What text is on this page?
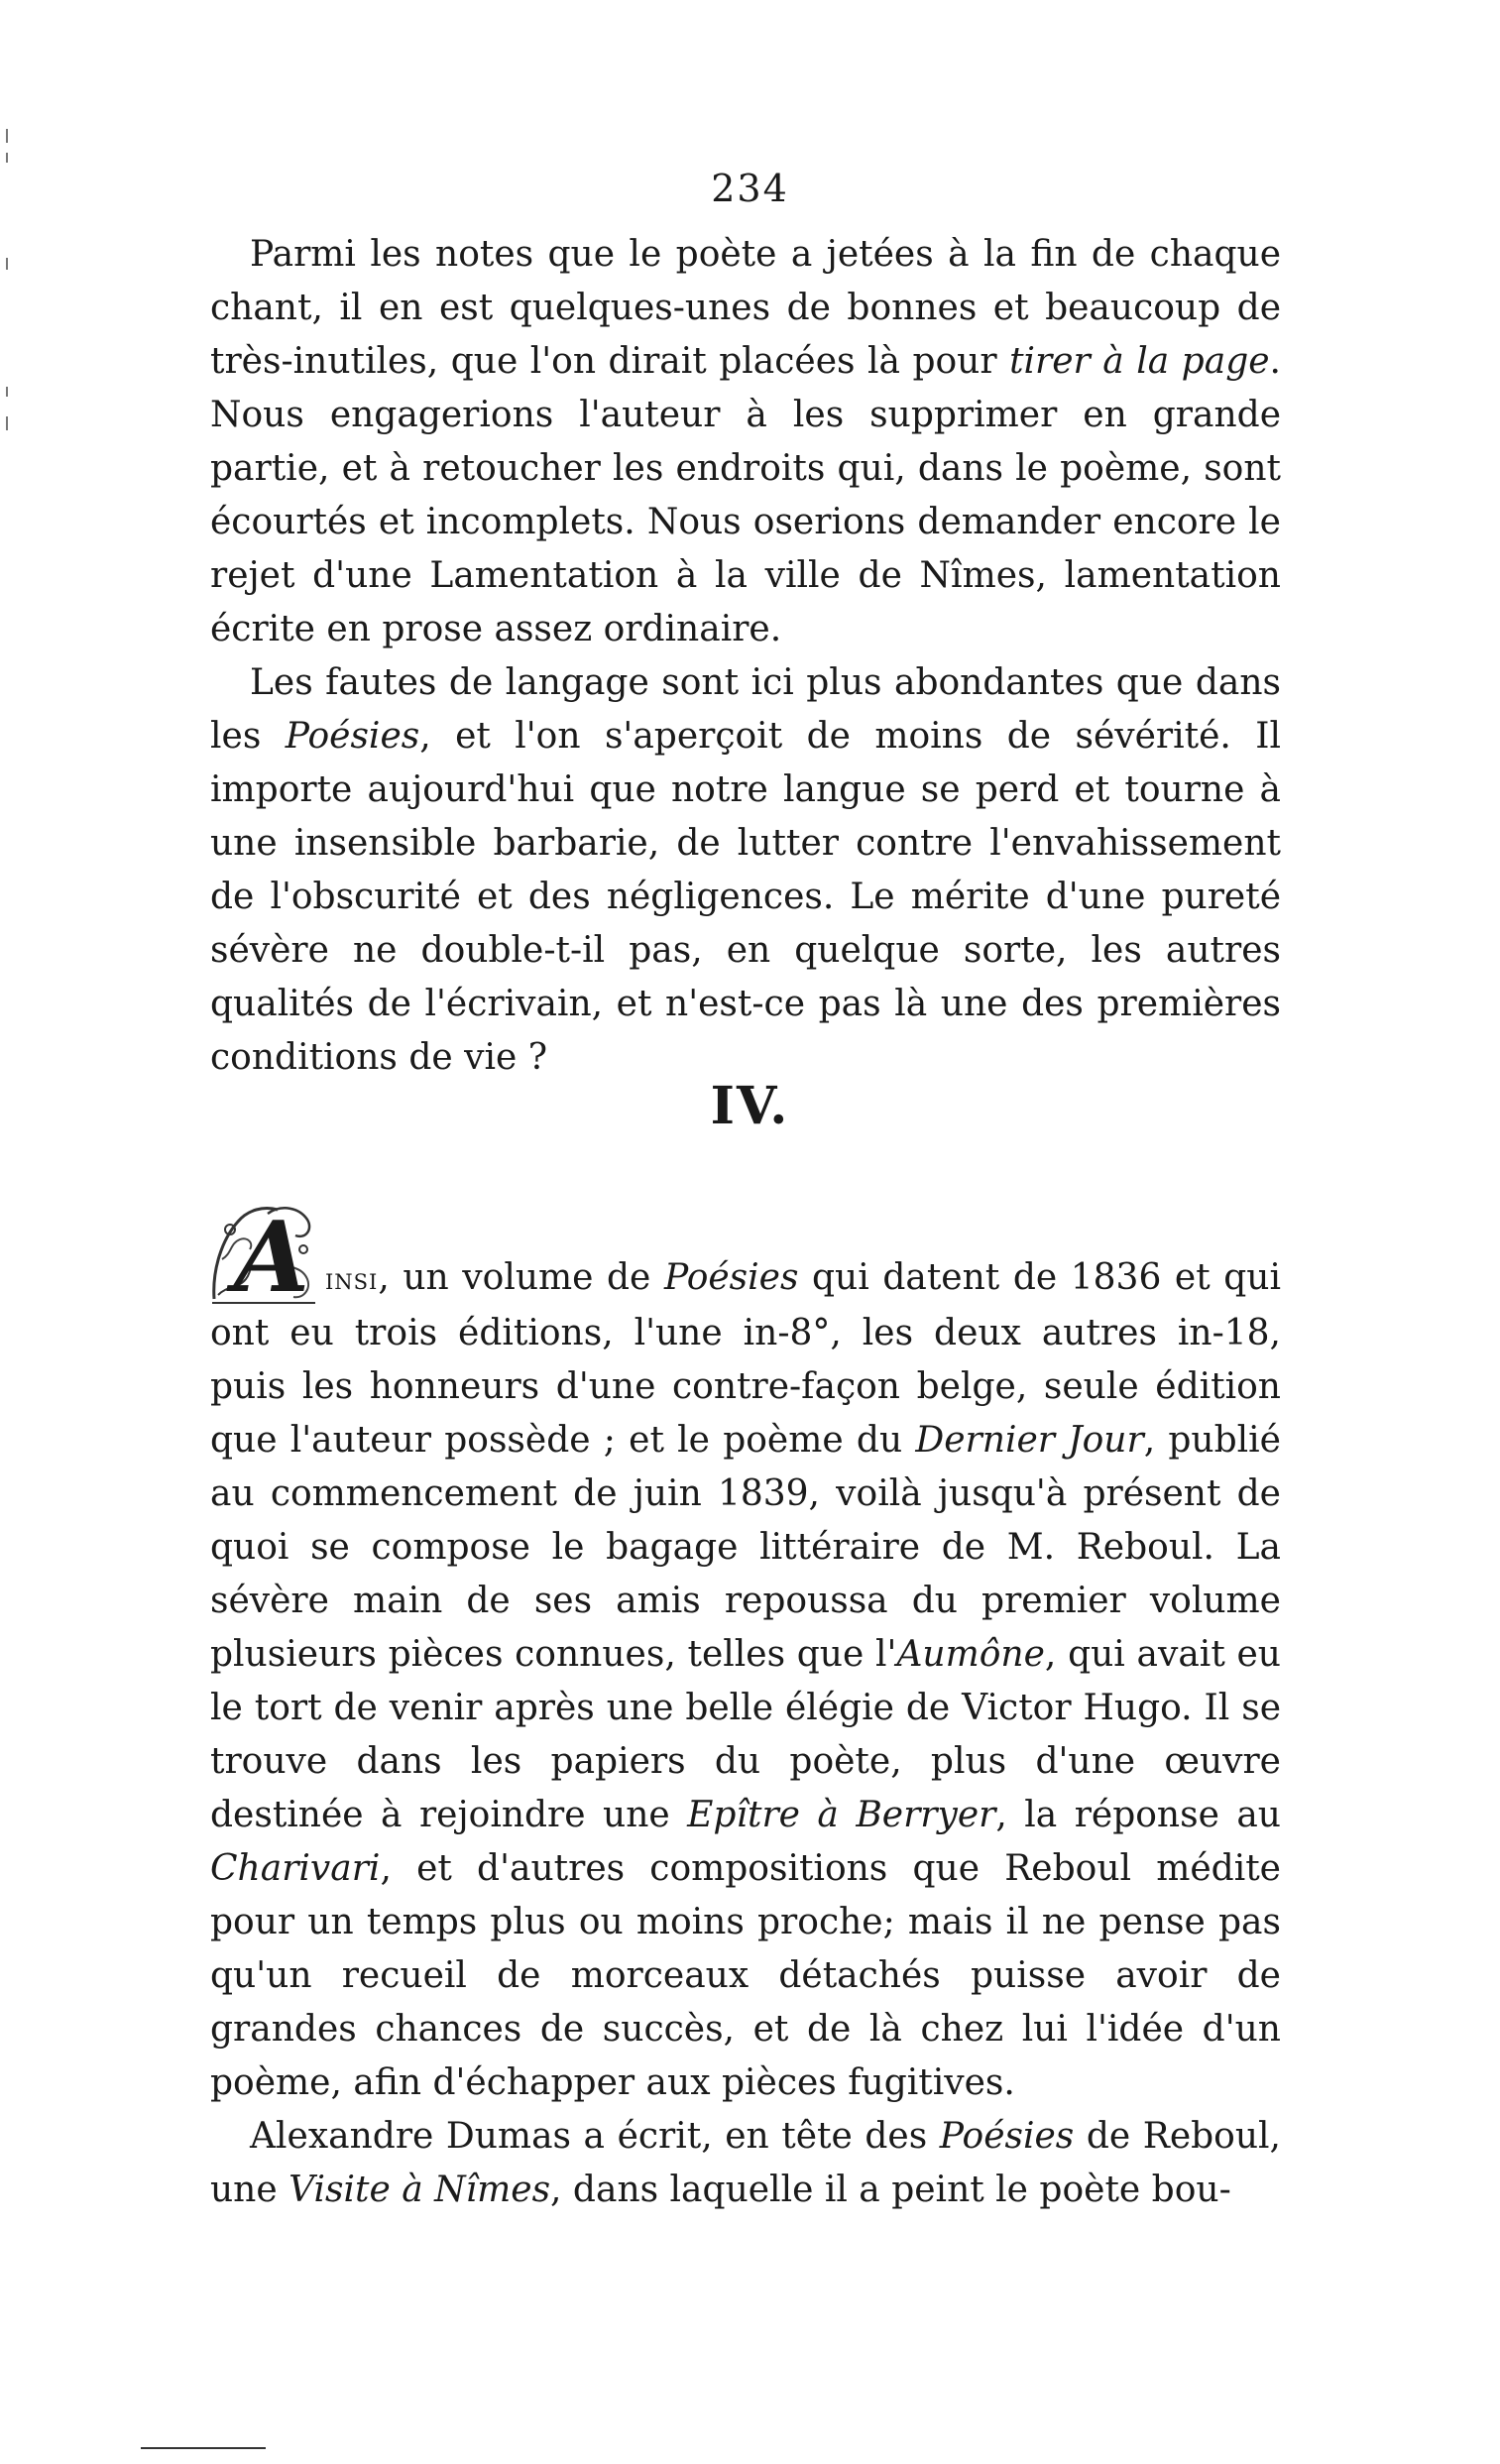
234

Parmi les notes que le poète a jetées à la fin de chaque chant, il en est quelques-unes de bonnes et beaucoup de très-inutiles, que l'on dirait placées là pour tirer à la page. Nous engagerions l'auteur à les supprimer en grande partie, et à retoucher les endroits qui, dans le poème, sont écourtés et incomplets. Nous oserions demander encore le rejet d'une Lamentation à la ville de Nîmes, lamentation écrite en prose assez ordinaire.

Les fautes de langage sont ici plus abondantes que dans les Poésies, et l'on s'aperçoit de moins de sévérité. Il importe aujourd'hui que notre langue se perd et tourne à une insensible barbarie, de lutter contre l'envahissement de l'obscurité et des négligences. Le mérite d'une pureté sévère ne double-t-il pas, en quelque sorte, les autres qualités de l'écrivain, et n'est-ce pas là une des premières conditions de vie ?

IV.

A insi, un volume de Poésies qui datent de 1836 et qui ont eu trois éditions, l'une in-8°, les deux autres in-18, puis les honneurs d'une contre-façon belge, seule édition que l'auteur possède ; et le poème du Dernier Jour, publié au commencement de juin 1839, voilà jusqu'à présent de quoi se compose le bagage littéraire de M. Reboul. La sévère main de ses amis repoussa du premier volume plusieurs pièces connues, telles que l'Aumône, qui avait eu le tort de venir après une belle élégie de Victor Hugo. Il se trouve dans les papiers du poète, plus d'une œuvre destinée à rejoindre une Epître à Berryer, la réponse au Charivari, et d'autres compositions que Reboul médite pour un temps plus ou moins proche; mais il ne pense pas qu'un recueil de morceaux détachés puisse avoir de grandes chances de succès, et de là chez lui l'idée d'un poème, afin d'échapper aux pièces fugitives.

Alexandre Dumas a écrit, en tête des Poésies de Reboul, une Visite à Nîmes, dans laquelle il a peint le poète bou-
